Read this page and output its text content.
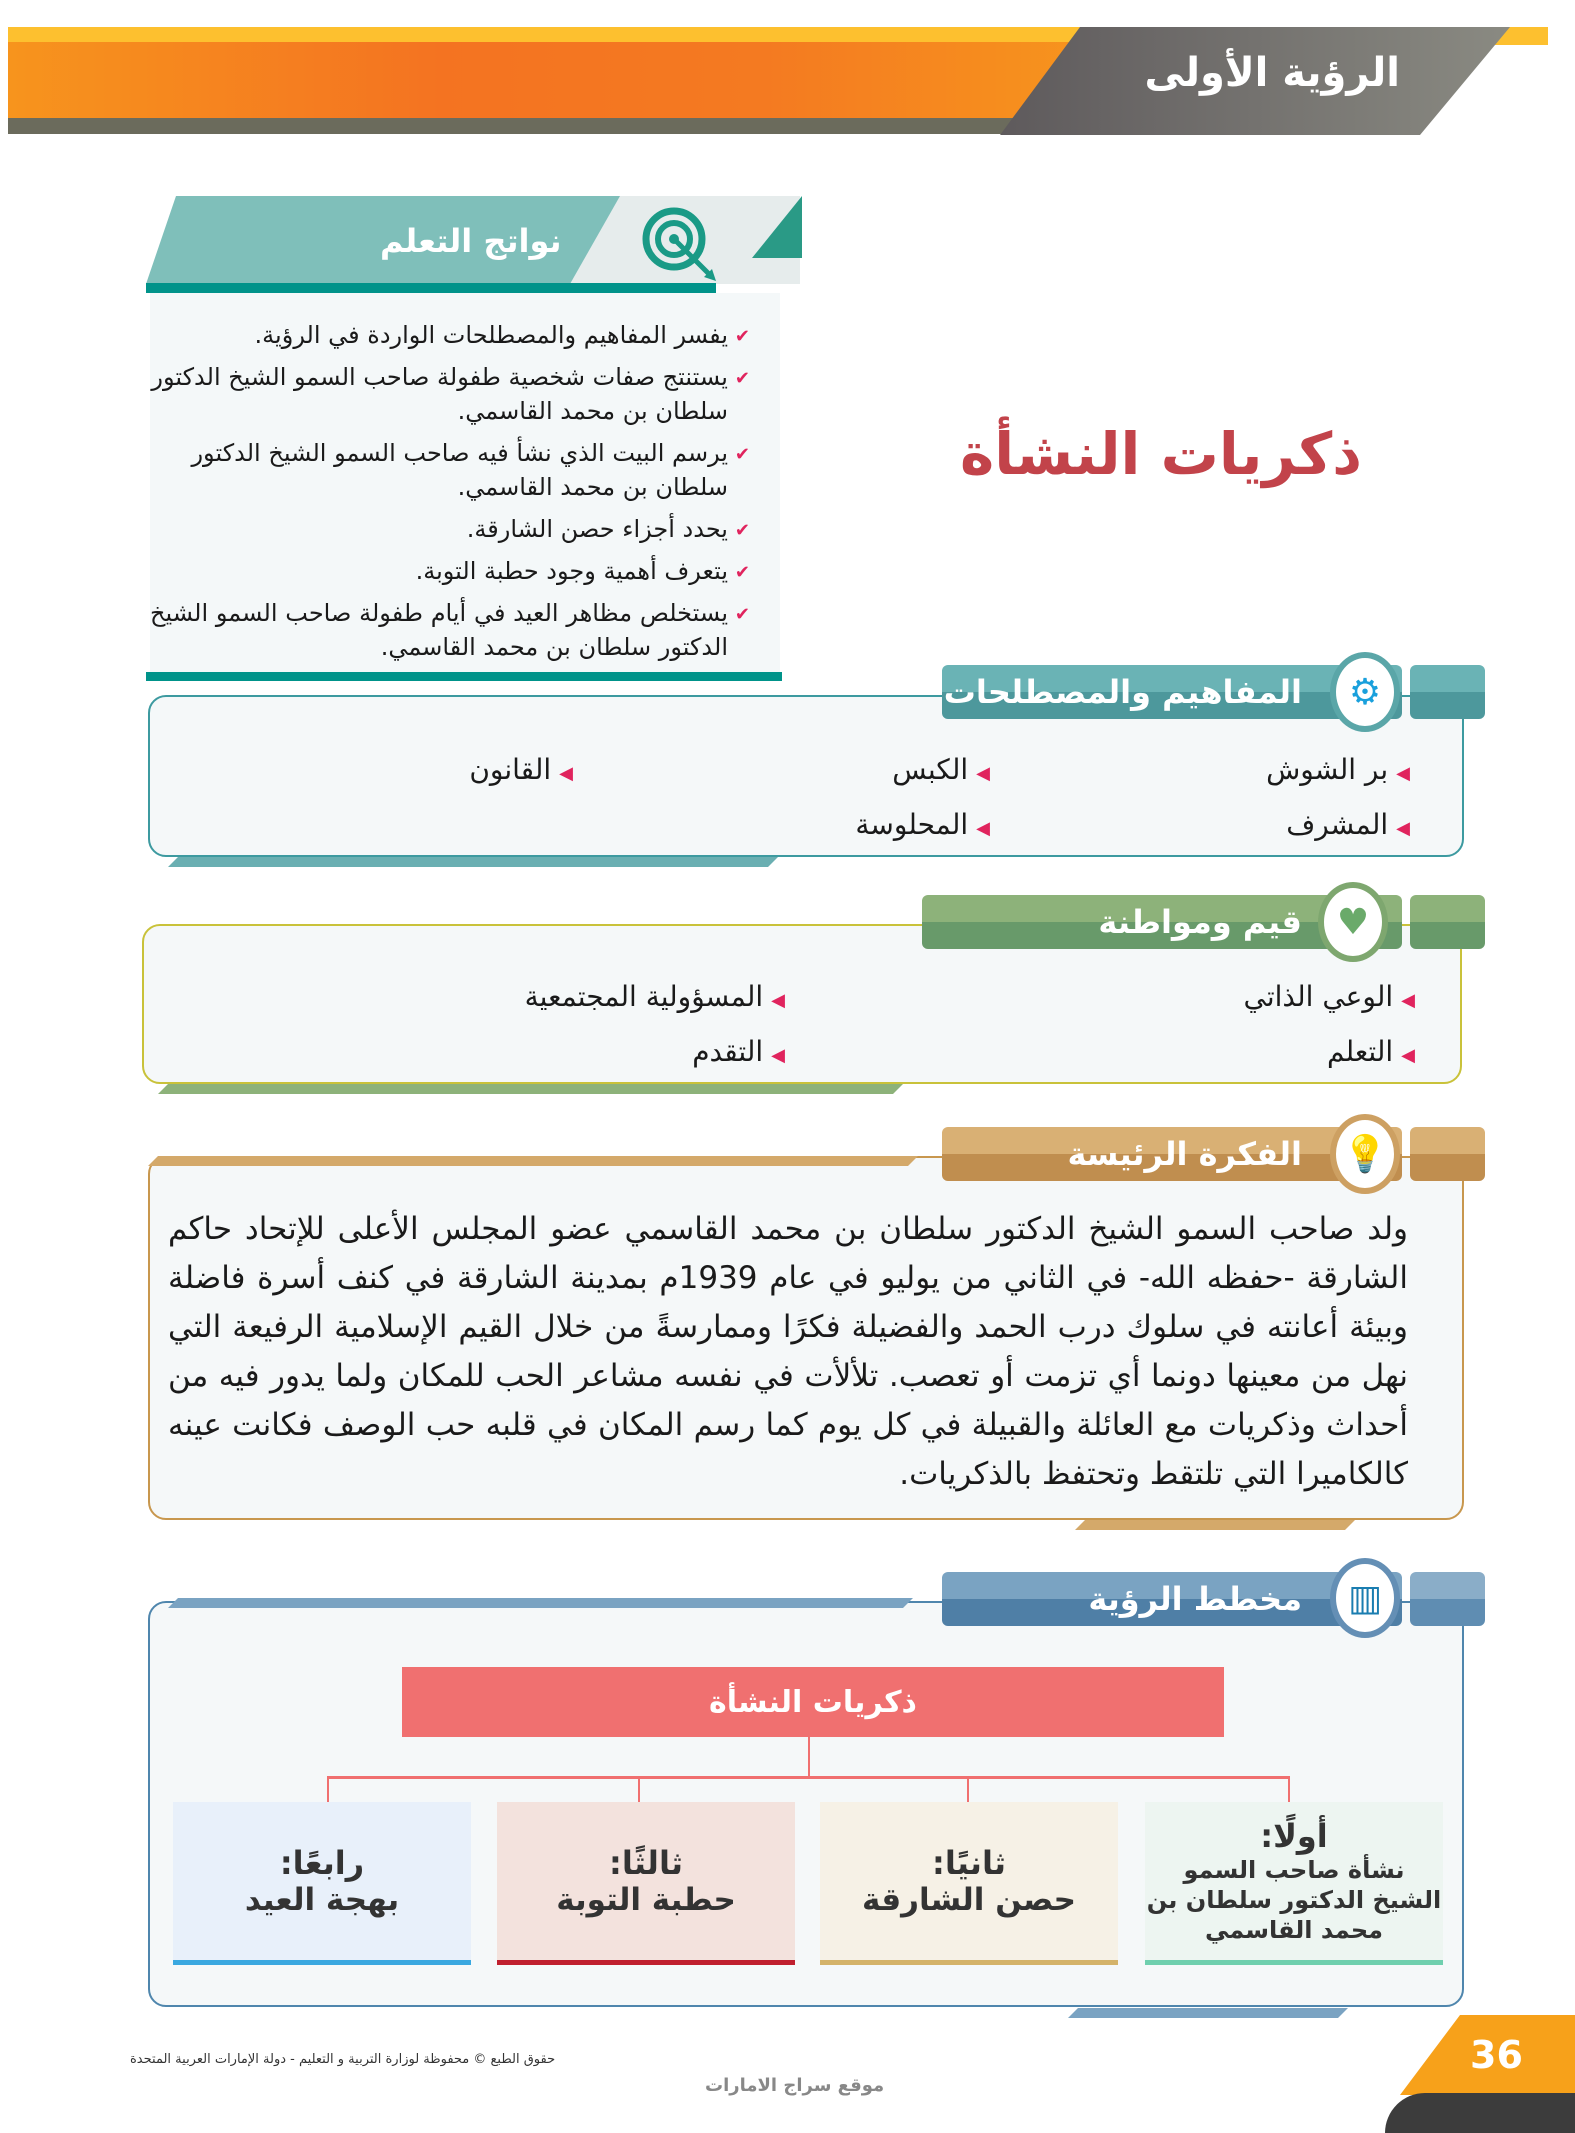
الرؤية الأولى
نواتج التعلم
✔
يفسر المفاهيم والمصطلحات الواردة في الرؤية.
✔
يستنتج صفات شخصية طفولة صاحب السمو الشيخ الدكتور سلطان بن محمد القاسمي.
✔
يرسم البيت الذي نشأ فيه صاحب السمو الشيخ الدكتور سلطان بن محمد القاسمي.
✔
يحدد أجزاء حصن الشارقة.
✔
يتعرف أهمية وجود حطبة التوبة.
✔
يستخلص مظاهر العيد في أيام طفولة صاحب السمو الشيخ الدكتور سلطان بن محمد القاسمي.
ذكريات النشأة
المفاهيم والمصطلحات	⚙
◀بر الشوش
◀الكبس
◀القانون
◀المشرف
◀المحلوسة
قيم ومواطنة ♥
◀الوعي الذاتي
◀المسؤولية المجتمعية
◀التعلم
◀التقدم
الفكرة الرئيسة	💡
ولد صاحب السمو الشيخ الدكتور سلطان بن محمد القاسمي عضو المجلس الأعلى للإتحاد حاكم الشارقة -حفظه الله- في الثاني من يوليو في عام 1939م بمدينة الشارقة في كنف أسرة فاضلة وبيئة أعانته في سلوك درب الحمد والفضيلة فكرًا وممارسةً من خلال القيم الإسلامية الرفيعة التي نهل من معينها دونما أي تزمت أو تعصب. تلألأت في نفسه مشاعر الحب للمكان ولما يدور فيه من أحداث وذكريات مع العائلة والقبيلة في كل يوم كما رسم المكان في قلبه حب الوصف فكانت عينه كالكاميرا التي تلتقط وتحتفظ بالذكريات.
مخطط الرؤية	▥
ذكريات النشأة
أولًا:
نشأة صاحب السمو الشيخ الدكتور سلطان بن محمد القاسمي
ثانيًا:
حصن الشارقة
ثالثًا:
حطبة التوبة
رابعًا:
بهجة العيد
36
حقوق الطبع © محفوظة لوزارة التربية و التعليم - دولة الإمارات العربية المتحدة
موقع سراج الامارات
